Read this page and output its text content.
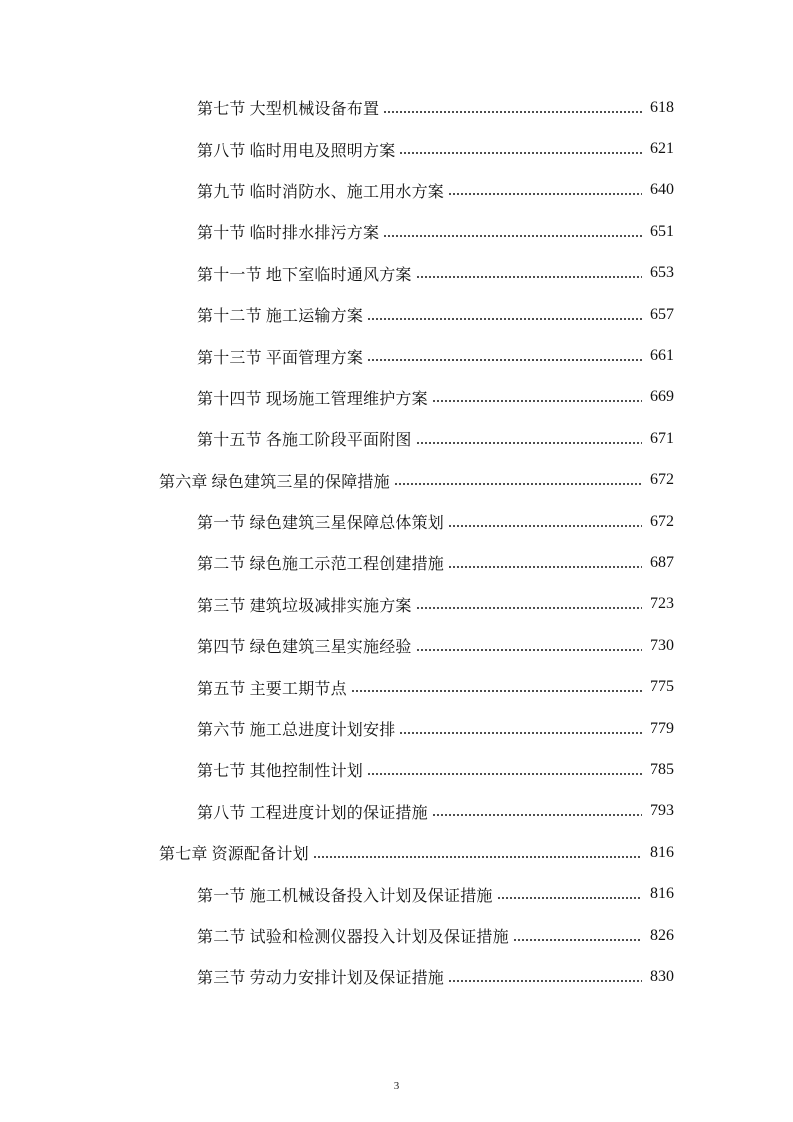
第七节 大型机械设备布置	618
第八节 临时用电及照明方案	621
第九节 临时消防水、施工用水方案	640
第十节 临时排水排污方案	651
第十一节 地下室临时通风方案	653
第十二节 施工运输方案	657
第十三节 平面管理方案	661
第十四节 现场施工管理维护方案	669
第十五节 各施工阶段平面附图	671
第六章 绿色建筑三星的保障措施	672
第一节 绿色建筑三星保障总体策划	672
第二节 绿色施工示范工程创建措施	687
第三节 建筑垃圾减排实施方案	723
第四节 绿色建筑三星实施经验	730
第五节 主要工期节点	775
第六节 施工总进度计划安排	779
第七节 其他控制性计划	785
第八节 工程进度计划的保证措施	793
第七章 资源配备计划	816
第一节 施工机械设备投入计划及保证措施	816
第二节 试验和检测仪器投入计划及保证措施	826
第三节 劳动力安排计划及保证措施	830
3
